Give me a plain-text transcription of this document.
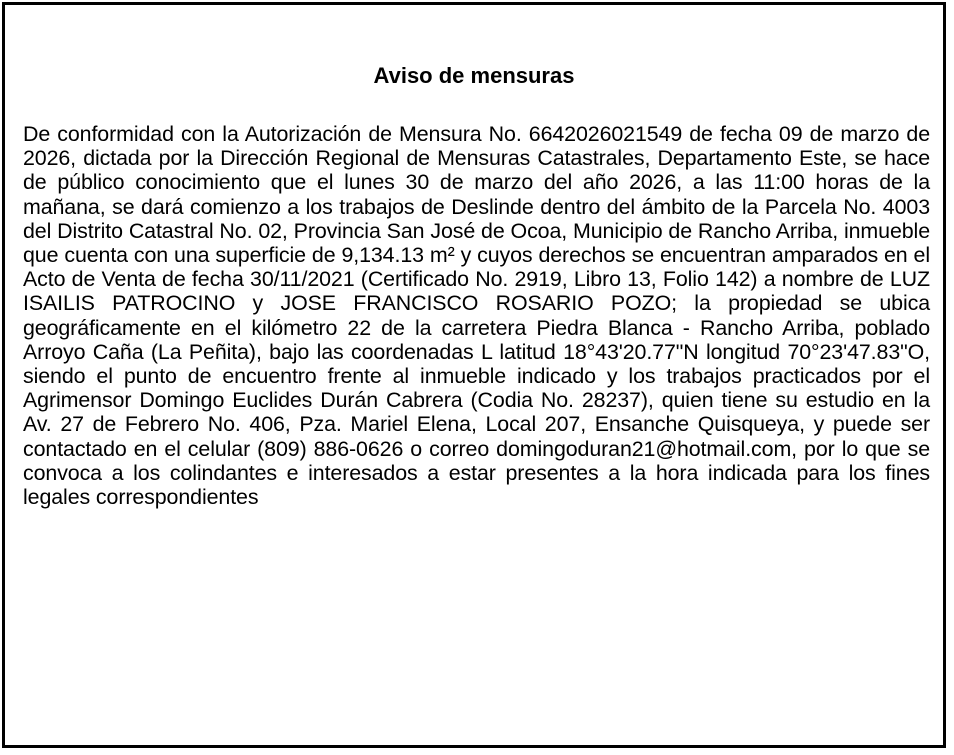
Aviso de mensuras

De conformidad con la Autorización de Mensura No. 6642026021549 de fecha 09 de marzo de 2026, dictada por la Dirección Regional de Mensuras Catastrales, Departamento Este, se hace de público conocimiento que el lunes 30 de marzo del año 2026, a las 11:00 horas de la mañana, se dará comienzo a los trabajos de Deslinde dentro del ámbito de la Parcela No. 4003 del Distrito Catastral No. 02, Provincia San José de Ocoa, Municipio de Rancho Arriba, inmueble que cuenta con una superficie de 9,134.13 m² y cuyos derechos se encuentran amparados en el Acto de Venta de fecha 30/11/2021 (Certificado No. 2919, Libro 13, Folio 142) a nombre de LUZ ISAILIS PATROCINO y JOSE FRANCISCO ROSARIO POZO; la propiedad se ubica geográficamente en el kilómetro 22 de la carretera Piedra Blanca - Rancho Arriba, poblado Arroyo Caña (La Peñita), bajo las coordenadas L latitud 18°43'20.77"N longitud 70°23'47.83"O, siendo el punto de encuentro frente al inmueble indicado y los trabajos practicados por el Agrimensor Domingo Euclides Durán Cabrera (Codia No. 28237), quien tiene su estudio en la Av. 27 de Febrero No. 406, Pza. Mariel Elena, Local 207, Ensanche Quisqueya, y puede ser contactado en el celular (809) 886-0626 o correo domingoduran21@hotmail.com, por lo que se convoca a los colindantes e interesados a estar presentes a la hora indicada para los fines legales correspondientes
